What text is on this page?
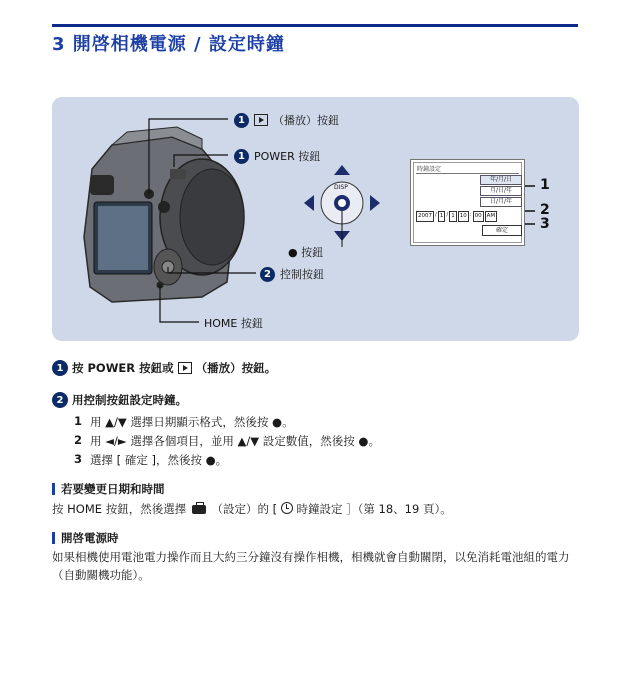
3 開啓相機電源 / 設定時鐘
DISP
1	（播放）按鈕
1 POWER 按鈕
● 按鈕
2 控制按鈕
HOME 按鈕
時鐘設定
年/月/日
月/日/年
日/月/年
2007 / 1 / 1 10 : 00 AM
確定
1
2
3
1 按 POWER 按鈕或 （播放）按鈕。
2 用控制按鈕設定時鐘。
1 用 ▲/▼ 選擇日期顯示格式，然後按 ●。
2 用 ◄/► 選擇各個項目，並用 ▲/▼ 設定數值，然後按 ●。
3 選擇 [ 確定 ]，然後按 ●。
若要變更日期和時間
按 HOME 按鈕，然後選擇 （設定）的 [ 時鐘設定 ］（第 18、19 頁）。
開啓電源時
如果相機使用電池電力操作而且大約三分鐘沒有操作相機，相機就會自動關閉，以免消耗電池組的電力 （自動關機功能）。
